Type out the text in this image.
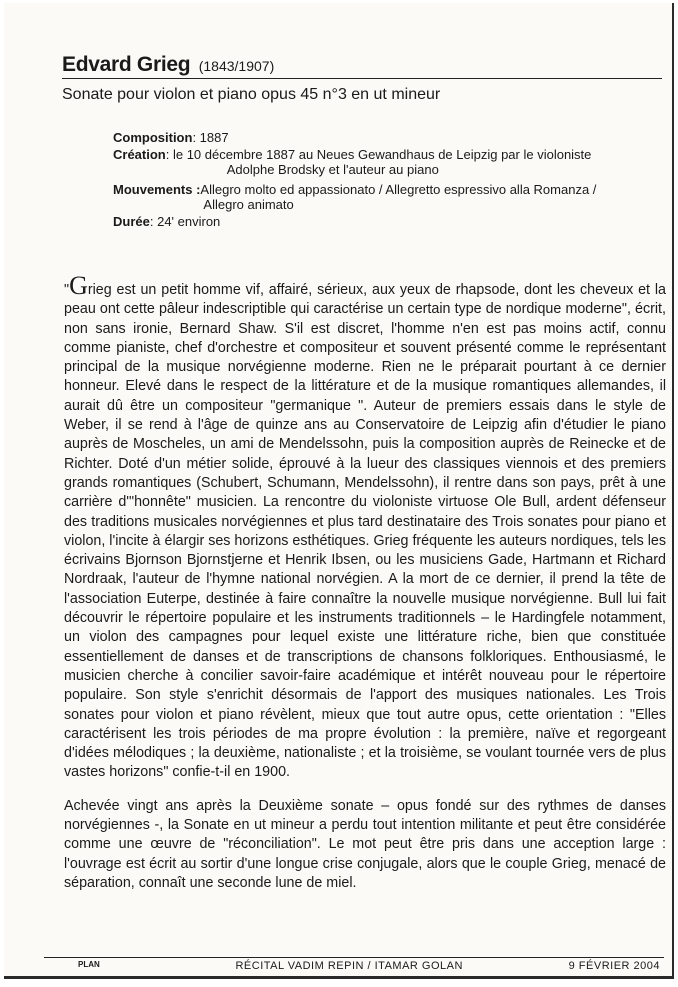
Edvard Grieg (1843/1907)
Sonate pour violon et piano opus 45 n°3 en ut mineur
Composition : 1887
Création : le 10 décembre 1887 au Neues Gewandhaus de Leipzig par le violoniste
Adolphe Brodsky et l'auteur au piano
Mouvements : Allegro molto ed appassionato / Allegretto espressivo alla Romanza /
Allegro animato
Durée : 24' environ

"Grieg est un petit homme vif, affairé, sérieux, aux yeux de rhapsode, dont les cheveux et la peau ont cette pâleur indescriptible qui caractérise un certain type de nordique moderne", écrit, non sans ironie, Bernard Shaw. S'il est discret, l'homme n'en est pas moins actif, connu comme pianiste, chef d'orchestre et compositeur et souvent présenté comme le représentant principal de la musique norvégienne moderne. Rien ne le préparait pourtant à ce dernier honneur. Elevé dans le respect de la littérature et de la musique romantiques allemandes, il aurait dû être un compositeur "germanique ". Auteur de premiers essais dans le style de Weber, il se rend à l'âge de quinze ans au Conservatoire de Leipzig afin d'étudier le piano auprès de Moscheles, un ami de Mendelssohn, puis la composition auprès de Reinecke et de Richter. Doté d'un métier solide, éprouvé à la lueur des classiques viennois et des premiers grands romantiques (Schubert, Schumann, Mendelssohn), il rentre dans son pays, prêt à une carrière d'"honnête" musicien. La rencontre du violoniste virtuose Ole Bull, ardent défenseur des traditions musicales norvégiennes et plus tard destinataire des Trois sonates pour piano et violon, l'incite à élargir ses horizons esthétiques. Grieg fréquente les auteurs nordiques, tels les écrivains Bjornson Bjornstjerne et Henrik Ibsen, ou les musiciens Gade, Hartmann et Richard Nordraak, l'auteur de l'hymne national norvégien. A la mort de ce dernier, il prend la tête de l'association Euterpe, destinée à faire connaître la nouvelle musique norvégienne. Bull lui fait découvrir le répertoire populaire et les instruments traditionnels – le Hardingfele notamment, un violon des campagnes pour lequel existe une littérature riche, bien que constituée essentiellement de danses et de transcriptions de chansons folkloriques. Enthousiasmé, le musicien cherche à concilier savoir-faire académique et intérêt nouveau pour le répertoire populaire. Son style s'enrichit désormais de l'apport des musiques nationales. Les Trois sonates pour violon et piano révèlent, mieux que tout autre opus, cette orientation : "Elles caractérisent les trois périodes de ma propre évolution : la première, naïve et regorgeant d'idées mélodiques ; la deuxième, nationaliste ; et la troisième, se voulant tournée vers de plus vastes horizons" confie-t-il en 1900.

Achevée vingt ans après la Deuxième sonate – opus fondé sur des rythmes de danses norvégiennes -, la Sonate en ut mineur a perdu tout intention militante et peut être considérée comme une œuvre de "réconciliation". Le mot peut être pris dans une acception large : l'ouvrage est écrit au sortir d'une longue crise conjugale, alors que le couple Grieg, menacé de séparation, connaît une seconde lune de miel.

PLAN	RÉCITAL VADIM REPIN / ITAMAR GOLAN	9 FÉVRIER 2004
